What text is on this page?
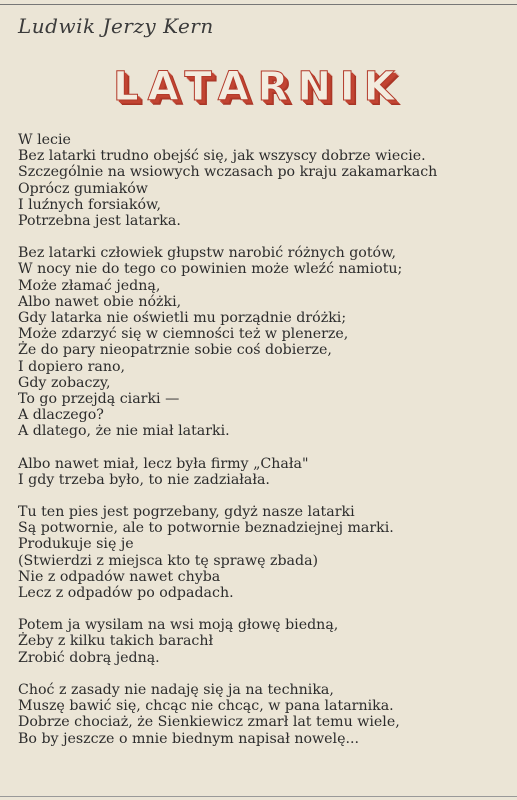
Ludwik Jerzy Kern
LATARNIK
W lecie
Bez latarki trudno obejść się, jak wszyscy dobrze wiecie.
Szczególnie na wsiowych wczasach po kraju zakamarkach
Oprócz gumiaków
I luźnych forsiaków,
Potrzebna jest latarka.
Bez latarki człowiek głupstw narobić różnych gotów,
W nocy nie do tego co powinien może wleźć namiotu;
Może złamać jedną,
Albo nawet obie nóżki,
Gdy latarka nie oświetli mu porządnie dróżki;
Może zdarzyć się w ciemności też w plenerze,
Że do pary nieopatrznie sobie coś dobierze,
I dopiero rano,
Gdy zobaczy,
To go przejdą ciarki —
A dlaczego?
A dlatego, że nie miał latarki.
Albo nawet miał, lecz była firmy „Chała"
I gdy trzeba było, to nie zadziałała.
Tu ten pies jest pogrzebany, gdyż nasze latarki
Są potwornie, ale to potwornie beznadziejnej marki.
Produkuje się je
(Stwierdzi z miejsca kto tę sprawę zbada)
Nie z odpadów nawet chyba
Lecz z odpadów po odpadach.
Potem ja wysilam na wsi moją głowę biedną,
Żeby z kilku takich barachł
Zrobić dobrą jedną.
Choć z zasady nie nadaję się ja na technika,
Muszę bawić się, chcąc nie chcąc, w pana latarnika.
Dobrze chociaż, że Sienkiewicz zmarł lat temu wiele,
Bo by jeszcze o mnie biednym napisał nowelę...
